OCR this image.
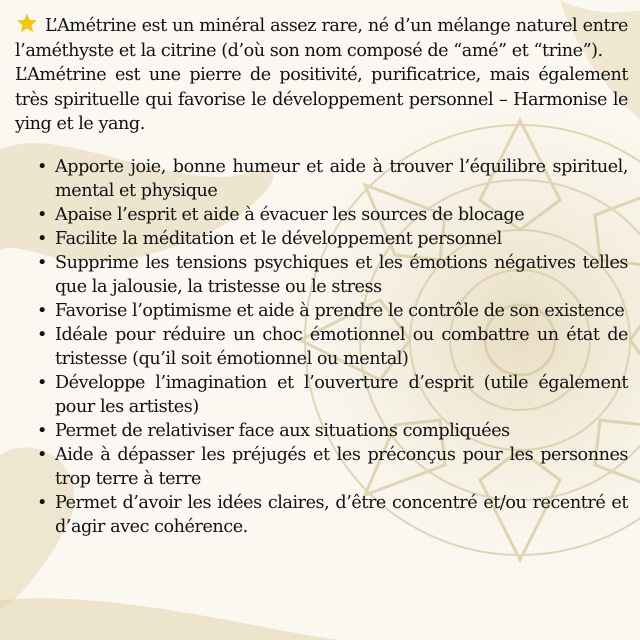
L’Amétrine est un minéral assez rare, né d’un mélange naturel entre l’améthyste et la citrine (d’où son nom composé de “amé” et “trine”).

L’Amétrine est une pierre de positivité, purificatrice, mais également très spirituelle qui favorise le développement personnel – Harmonise le ying et le yang.

• Apporte joie, bonne humeur et aide à trouver l’équilibre spirituel, mental et physique
• Apaise l’esprit et aide à évacuer les sources de blocage
• Facilite la méditation et le développement personnel
• Supprime les tensions psychiques et les émotions négatives telles que la jalousie, la tristesse ou le stress
• Favorise l’optimisme et aide à prendre le contrôle de son existence
• Idéale pour réduire un choc émotionnel ou combattre un état de tristesse (qu’il soit émotionnel ou mental)
• Développe l’imagination et l’ouverture d’esprit (utile également pour les artistes)
• Permet de relativiser face aux situations compliquées
• Aide à dépasser les préjugés et les préconçus pour les personnes trop terre à terre
• Permet d’avoir les idées claires, d’être concentré et/ou recentré et d’agir avec cohérence.
